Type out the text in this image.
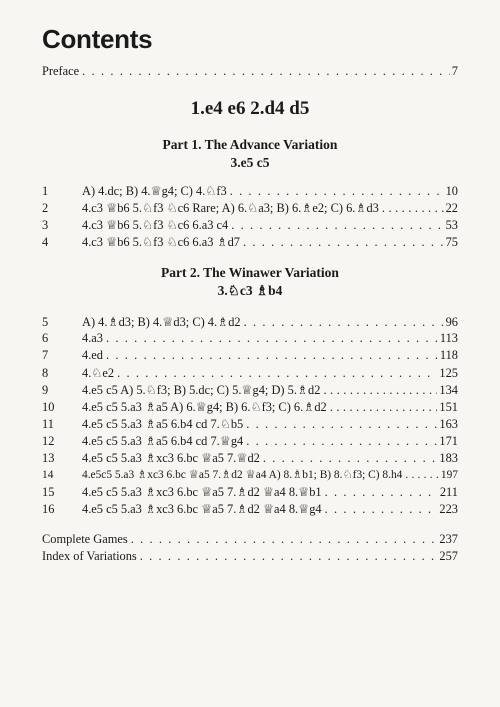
Contents
Preface . . .	7
1.e4 e6 2.d4 d5
Part 1. The Advance Variation
3.e5 c5
1	A) 4.dc; B) 4.♕g4; C) 4.♘f3 . . .	10
2	4.c3 ♕b6 5.♘f3 ♘c6 Rare; A) 6.♘a3; B) 6.♗e2; C) 6.♗d3 . . .	22
3	4.c3 ♕b6 5.♘f3 ♘c6 6.a3 c4 . . .	53
4	4.c3 ♕b6 5.♘f3 ♘c6 6.a3 ♗d7 . . .	75
Part 2. The Winawer Variation
3.♘c3 ♗b4
5	A) 4.♗d3; B) 4.♕d3; C) 4.♗d2 . . .	96
6	4.a3 . . .	113
7	4.ed . . .	118
8	4.♘e2 . . .	125
9	4.e5 c5 A) 5.♘f3; B) 5.dc; C) 5.♕g4; D) 5.♗d2 . . .	134
10	4.e5 c5 5.a3 ♗a5 A) 6.♕g4; B) 6.♘f3; C) 6.♗d2 . . .	151
11	4.e5 c5 5.a3 ♗a5 6.b4 cd 7.♘b5 . . .	163
12	4.e5 c5 5.a3 ♗a5 6.b4 cd 7.♕g4 . . .	171
13	4.e5 c5 5.a3 ♗xc3 6.bc ♕a5 7.♕d2 . . .	183
14	4.e5c5 5.a3 ♗xc3 6.bc ♕a5 7.♗d2 ♕a4 A) 8.♗b1; B) 8.♘f3; C) 8.h4 . . .	197
15	4.e5 c5 5.a3 ♗xc3 6.bc ♕a5 7.♗d2 ♕a4 8.♕b1 . . .	211
16	4.e5 c5 5.a3 ♗xc3 6.bc ♕a5 7.♗d2 ♕a4 8.♕g4 . . .	223
Complete Games . . .	237
Index of Variations . . .	257
